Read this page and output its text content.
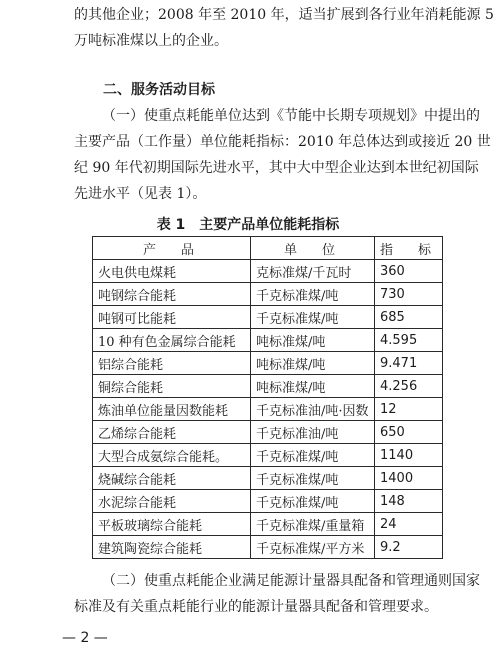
的其他企业；2008 年至 2010 年，适当扩展到各行业年消耗能源 5
万吨标准煤以上的企业。
二、服务活动目标
（一）使重点耗能单位达到《节能中长期专项规划》中提出的
主要产品（工作量）单位能耗指标：2010 年总体达到或接近 20 世
纪 90 年代初期国际先进水平，其中大中型企业达到本世纪初国际
先进水平（见表 1）。
表 1　主要产品单位能耗指标
产　品	单　位	指　标
火电供电煤耗	克标准煤/千瓦时	360
吨钢综合能耗	千克标准煤/吨	730
吨钢可比能耗	千克标准煤/吨	685
10 种有色金属综合能耗	吨标准煤/吨	4.595
铝综合能耗	吨标准煤/吨	9.471
铜综合能耗	吨标准煤/吨	4.256
炼油单位能量因数能耗	千克标准油/吨·因数	12
乙烯综合能耗	千克标准油/吨	650
大型合成氨综合能耗。	千克标准煤/吨	1140
烧碱综合能耗	千克标准煤/吨	1400
水泥综合能耗	千克标准煤/吨	148
平板玻璃综合能耗	千克标准煤/重量箱	24
建筑陶瓷综合能耗	千克标准煤/平方米	9.2
（二）使重点耗能企业满足能源计量器具配备和管理通则国家
标准及有关重点耗能行业的能源计量器具配备和管理要求。
— 2 —
